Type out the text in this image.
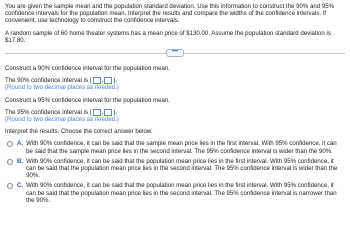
You are given the sample mean and the population standard deviation. Use this information to construct the 90% and 95% confidence intervals for the population mean. Interpret the results and compare the widths of the confidence intervals. If convenient, use technology to construct the confidence intervals.

A random sample of 60 home theater systems has a mean price of $130.00. Assume the population standard deviation is $17.80.

•••

Construct a 90% confidence interval for the population mean.

The 90% confidence interval is ( , ).

(Round to two decimal places as needed.)

Construct a 95% confidence interval for the population mean.

The 95% confidence interval is ( , ).

(Round to two decimal places as needed.)

Interpret the results. Choose the correct answer below.

A. With 90% confidence, it can be said that the sample mean price lies in the first interval. With 95% confidence, it can be said that the sample mean price lies in the second interval. The 95% confidence interval is wider than the 90%.
B. With 90% confidence, it can be said that the population mean price lies in the first interval. With 95% confidence, it can be said that the population mean price lies in the second interval. The 95% confidence interval is wider than the 90%.
C. With 90% confidence, it can be said that the population mean price lies in the first interval. With 95% confidence, it can be said that the population mean price lies in the second interval. The 95% confidence interval is narrower than the 90%.
